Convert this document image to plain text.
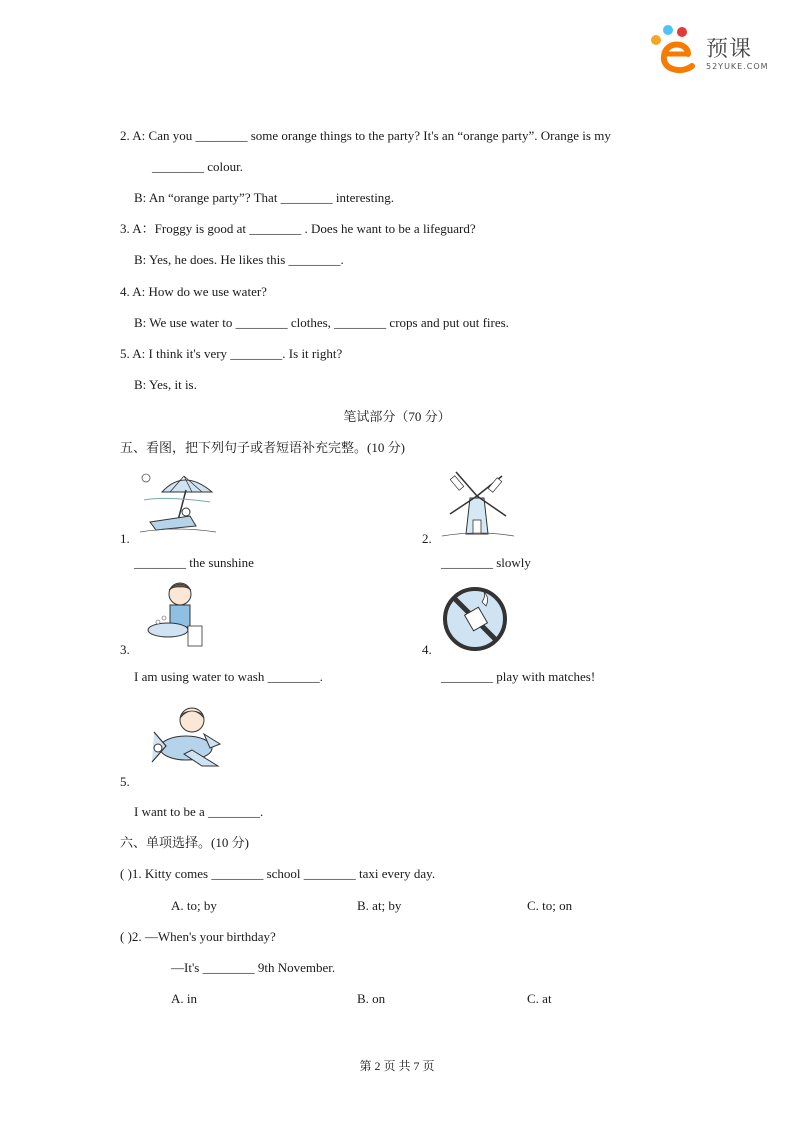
预课
52YUKE.COM
2. A: Can you ________ some orange things to the party? It's an “orange party”. Orange is my
________ colour.
B: An “orange party”? That ________ interesting.
3. A：Froggy is good at ________ . Does he want to be a lifeguard?
B: Yes, he does. He likes this ________.
4. A: How do we use water?
B: We use water to ________ clothes, ________ crops and put out fires.
5. A: I think it's very ________. Is it right?
B: Yes, it is.
笔试部分（70 分）
五、看图，把下列句子或者短语补充完整。(10 分)
1.
________ the sunshine
2.
________ slowly
3.
I am using water to wash ________.
4.
________ play with matches!
5.
I want to be a ________.
六、单项选择。(10 分)
( )1. Kitty comes ________ school ________ taxi every day.
A. to; by	B. at; by	C. to; on
( )2. —When's your birthday?
—It's ________ 9th November.
A. in	B. on	C. at
第 2 页 共 7 页
